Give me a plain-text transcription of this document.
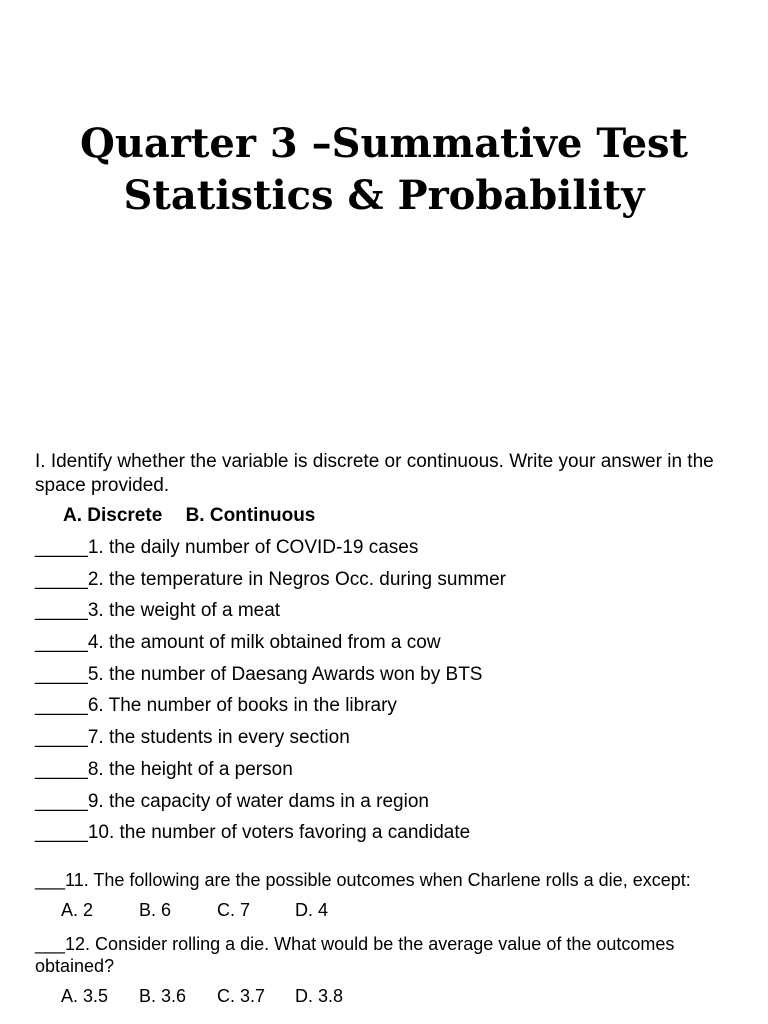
Quarter 3 –Summative Test
Statistics & Probability

I. Identify whether the variable is discrete or continuous. Write your answer in the space provided.

A. Discrete B. Continuous
_____1. the daily number of COVID-19 cases
_____2. the temperature in Negros Occ. during summer
_____3. the weight of a meat
_____4. the amount of milk obtained from a cow
_____5. the number of Daesang Awards won by BTS
_____6. The number of books in the library
_____7. the students in every section
_____8. the height of a person
_____9. the capacity of water dams in a region
_____10. the number of voters favoring a candidate
___11. The following are the possible outcomes when Charlene rolls a die, except:
A. 2	B. 6	C. 7 D. 4
___12. Consider rolling a die. What would be the average value of the outcomes obtained?
A. 3.5 B. 3.6 C. 3.7 D. 3.8
